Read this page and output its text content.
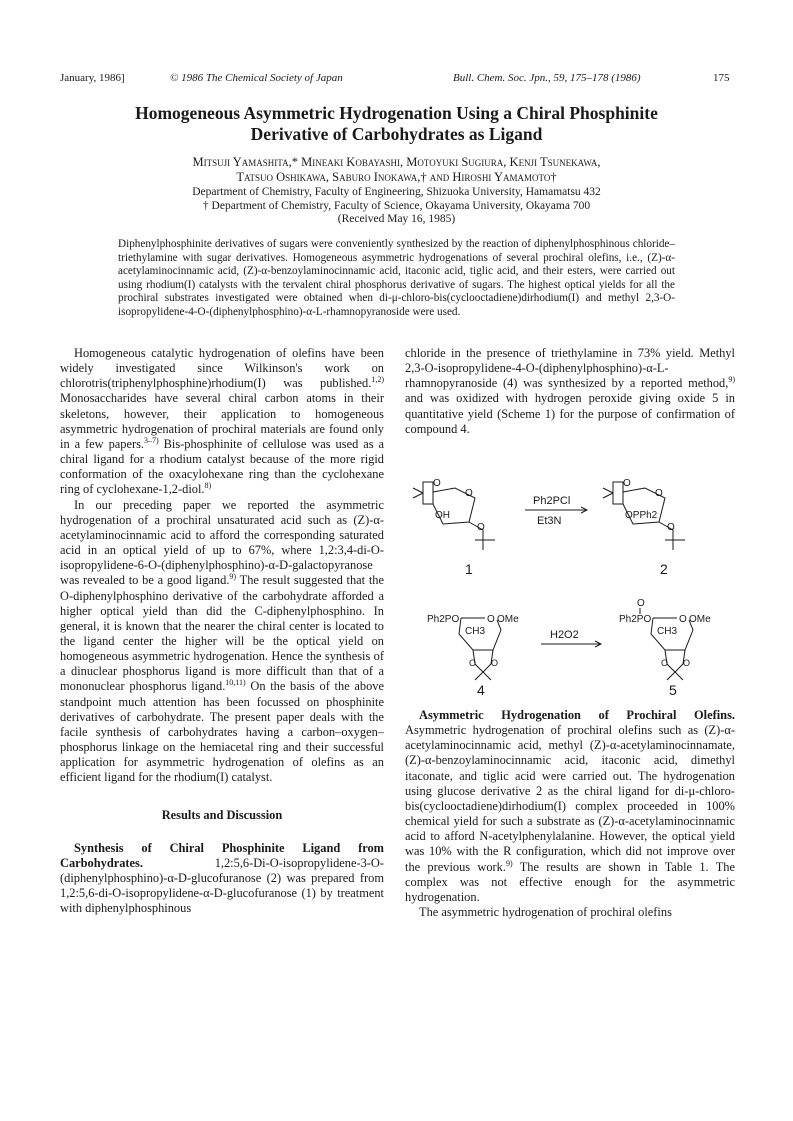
January, 1986]	© 1986 The Chemical Society of Japan	Bull. Chem. Soc. Jpn., 59, 175–178 (1986)	175
Homogeneous Asymmetric Hydrogenation Using a Chiral Phosphinite
Derivative of Carbohydrates as Ligand
Mitsuji Yamashita,* Mineaki Kobayashi, Motoyuki Sugiura, Kenji Tsunekawa,
Tatsuo Oshikawa, Saburo Inokawa,† and Hiroshi Yamamoto†
Department of Chemistry, Faculty of Engineering, Shizuoka University, Hamamatsu 432
† Department of Chemistry, Faculty of Science, Okayama University, Okayama 700
(Received May 16, 1985)
Diphenylphosphinite derivatives of sugars were conveniently synthesized by the reaction of diphenylphosphinous chloride–triethylamine with sugar derivatives. Homogeneous asymmetric hydrogenations of several prochiral olefins, i.e., (Z)-α-acetylaminocinnamic acid, (Z)-α-benzoylaminocinnamic acid, itaconic acid, tiglic acid, and their esters, were carried out using rhodium(I) catalysts with the tervalent chiral phosphorus derivative of sugars. The highest optical yields for all the prochiral substrates investigated were obtained when di-μ-chloro-bis(cyclooctadiene)dirhodium(I) and methyl 2,3-O-isopropylidene-4-O-(diphenylphosphino)-α-L-rhamnopyranoside were used.

Homogeneous catalytic hydrogenation of olefins have been widely investigated since Wilkinson's work on chlorotris(triphenylphosphine)rhodium(I) was published.$^{1,2)}$ Monosaccharides have several chiral carbon atoms in their skeletons, however, their application to homogeneous asymmetric hydrogenation of prochiral materials are found only in a few papers.$^{3-7)}$ Bis-phosphinite of cellulose was used as a chiral ligand for a rhodium catalyst because of the more rigid conformation of the oxacylohexane ring than the cyclohexane ring of cyclohexane-1,2-diol.$^{8)}$

In our preceding paper we reported the asymmetric hydrogenation of a prochiral unsaturated acid such as (Z)-α-acetylaminocinnamic acid to afford the corresponding saturated acid in an optical yield of up to 67%, where 1,2:3,4-di-O-isopropylidene-6-O-(diphenylphosphino)-α-D-galactopyranose was revealed to be a good ligand.$^{9)}$ The result suggested that the O-diphenylphosphino derivative of the carbohydrate afforded a higher optical yield than did the C-diphenylphosphino. In general, it is known that the nearer the chiral center is located to the ligand center the higher will be the optical yield on homogeneous asymmetric hydrogenation. Hence the synthesis of a dinuclear phosphorus ligand is more difficult than that of a mononuclear phosphorus ligand.$^{10,11)}$ On the basis of the above standpoint much attention has been focussed on phosphinite derivatives of carbohydrate. The present paper deals with the facile synthesis of carbohydrates having a carbon–oxygen–phosphorus linkage on the hemiacetal ring and their successful application for asymmetric hydrogenation of olefins as an efficient ligand for the rhodium(I) catalyst.

Results and Discussion

Synthesis of Chiral Phosphinite Ligand from Carbohydrates. 1,2:5,6-Di-O-isopropylidene-3-O-(diphenylphosphino)-α-D-glucofuranose (2) was prepared from 1,2:5,6-di-O-isopropylidene-α-D-glucofuranose (1) by treatment with diphenylphosphinous

chloride in the presence of triethylamine in 73% yield. Methyl 2,3-O-isopropylidene-4-O-(diphenylphosphino)-α-L-rhamnopyranoside (4) was synthesized by a reported method,$^{9)}$ and was oxidized with hydrogen peroxide giving oxide 5 in quantitative yield (Scheme 1) for the purpose of confirmation of compound 4.

O
OH
O
O
1
Ph2PCl
Et3N
O
OPPh2
O
O
2
Ph2PO	O OMe
CH3
O O
4
H2O2
O
Ph2PO	O OMe
CH3
O O
5

Asymmetric Hydrogenation of Prochiral Olefins. Asymmetric hydrogenation of prochiral olefins such as (Z)-α-acetylaminocinnamic acid, methyl (Z)-α-acetylaminocinnamate, (Z)-α-benzoylaminocinnamic acid, itaconic acid, dimethyl itaconate, and tiglic acid were carried out. The hydrogenation using glucose derivative 2 as the chiral ligand for di-μ-chloro-bis(cyclooctadiene)dirhodium(I) complex proceeded in 100% chemical yield for such a substrate as (Z)-α-acetylaminocinnamic acid to afford N-acetylphenylalanine. However, the optical yield was 10% with the R configuration, which did not improve over the previous work.$^{9)}$ The results are shown in Table 1. The complex was not effective enough for the asymmetric hydrogenation.

The asymmetric hydrogenation of prochiral olefins
